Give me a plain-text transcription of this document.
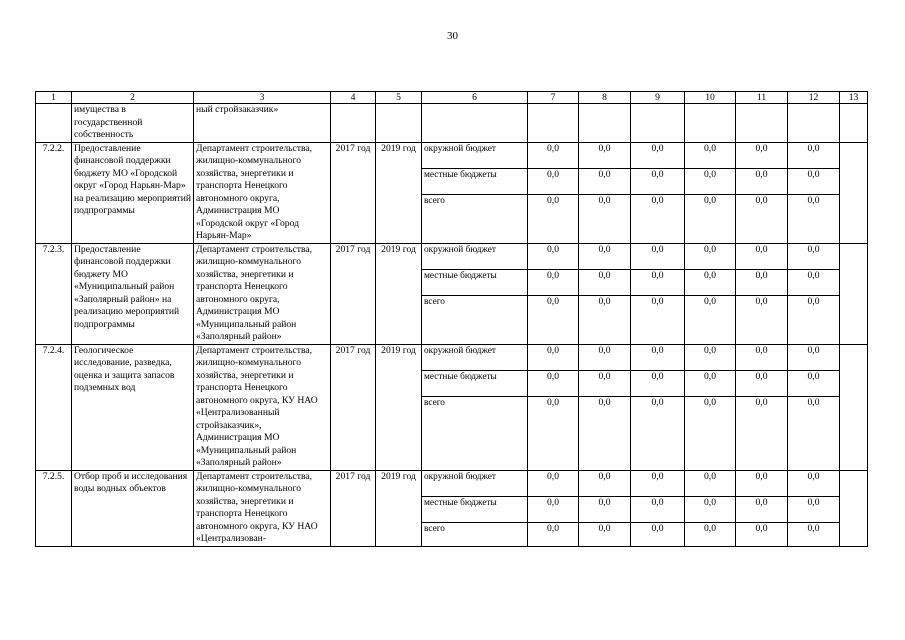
30
1	2	3	4	5	6	7	8	9	10	11	12	13
	имущества в государственной собственность	ный стройзаказчик»										
7.2.2.	Предоставление финансовой поддержки бюджету МО «Городской округ «Город Нарьян-Мар» на реализацию мероприятий подпрограммы	Департамент строительства, жилищно-коммунального хозяйства, энергетики и транспорта Ненецкого автономного округа, Администрация МО «Городской округ «Город Нарьян-Мар»	2017 год	2019 год	окружной бюджет	0,0	0,0	0,0	0,0	0,0	0,0	
					местные бюджеты	0,0	0,0	0,0	0,0	0,0	0,0	
					всего	0,0	0,0	0,0	0,0	0,0	0,0	
7.2.3.	Предоставление финансовой поддержки бюджету МО «Муниципальный район «Заполярный район» на реализацию мероприятий подпрограммы	Департамент строительства, жилищно-коммунального хозяйства, энергетики и транспорта Ненецкого автономного округа, Администрация МО «Муниципальный район «Заполярный район»	2017 год	2019 год	окружной бюджет	0,0	0,0	0,0	0,0	0,0	0,0	
					местные бюджеты	0,0	0,0	0,0	0,0	0,0	0,0	
					всего	0,0	0,0	0,0	0,0	0,0	0,0	
7.2.4.	Геологическое исследование, разведка, оценка и защита запасов подземных вод	Департамент строительства, жилищно-коммунального хозяйства, энергетики и транспорта Ненецкого автономного округа, КУ НАО «Централизованный стройзаказчик», Администрация МО «Муниципальный район «Заполярный район»	2017 год	2019 год	окружной бюджет	0,0	0,0	0,0	0,0	0,0	0,0	
					местные бюджеты	0,0	0,0	0,0	0,0	0,0	0,0	
					всего	0,0	0,0	0,0	0,0	0,0	0,0	
7.2.5.	Отбор проб и исследования воды водных объектов	Департамент строительства, жилищно-коммунального хозяйства, энергетики и транспорта Ненецкого автономного округа, КУ НАО «Централизован-	2017 год	2019 год	окружной бюджет	0,0	0,0	0,0	0,0	0,0	0,0	
					местные бюджеты	0,0	0,0	0,0	0,0	0,0	0,0	
					всего	0,0	0,0	0,0	0,0	0,0	0,0	
